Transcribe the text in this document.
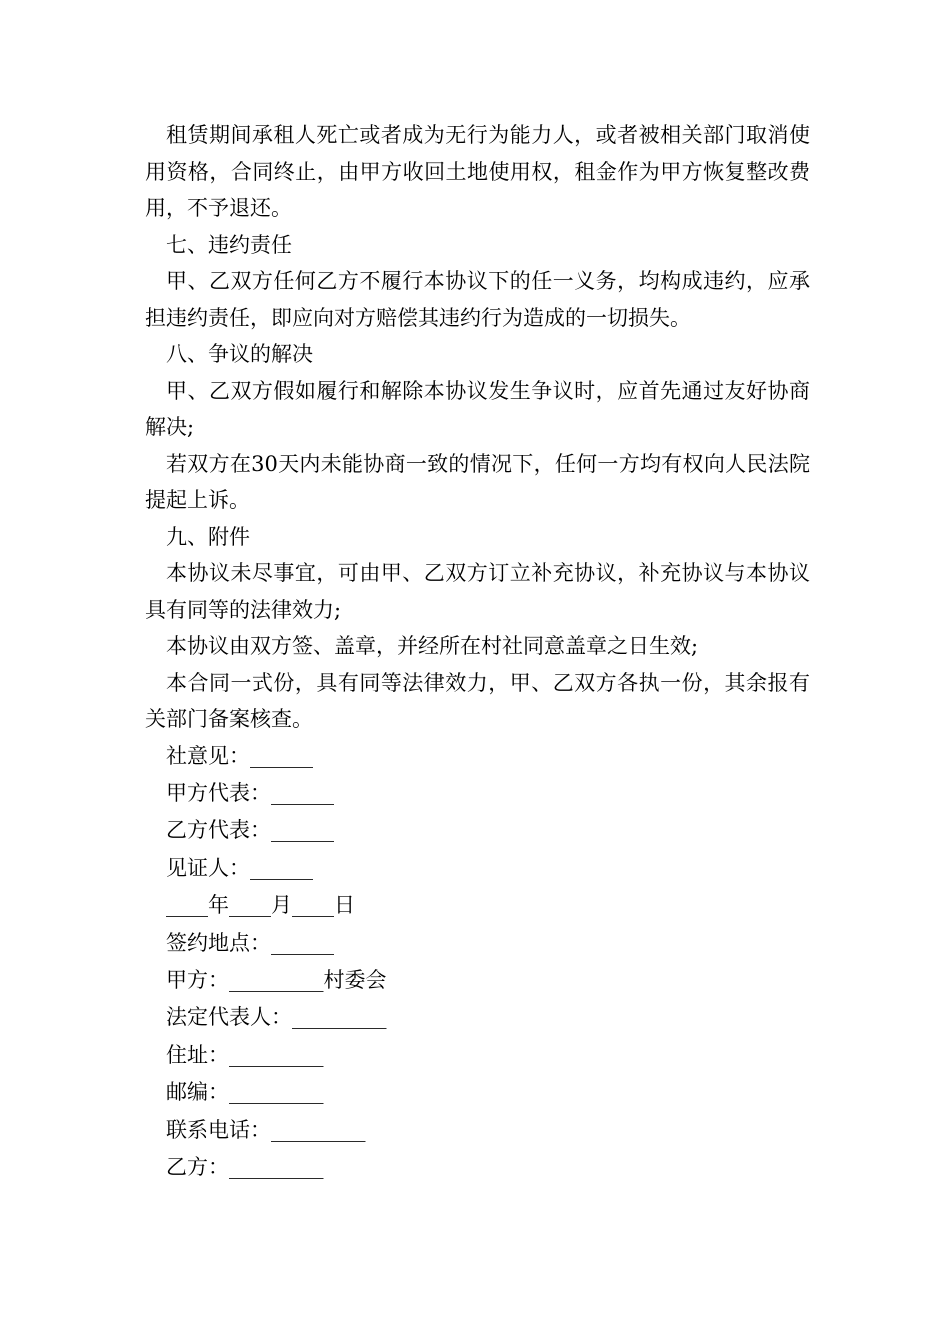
租赁期间承租人死亡或者成为无行为能力人，或者被相关部门取消使用资格，合同终止，由甲方收回土地使用权，租金作为甲方恢复整改费用，不予退还。

七、违约责任

甲、乙双方任何乙方不履行本协议下的任一义务，均构成违约，应承担违约责任，即应向对方赔偿其违约行为造成的一切损失。

八、争议的解决

甲、乙双方假如履行和解除本协议发生争议时，应首先通过友好协商解决;

若双方在30天内未能协商一致的情况下，任何一方均有权向人民法院提起上诉。

九、附件

本协议未尽事宜，可由甲、乙双方订立补充协议，补充协议与本协议具有同等的法律效力;

本协议由双方签、盖章，并经所在村社同意盖章之日生效;

本合同一式份，具有同等法律效力，甲、乙双方各执一份，其余报有关部门备案核查。

社意见：______

甲方代表：______

乙方代表：______

见证人：______

____年____月____日

签约地点：______

甲方：_________村委会

法定代表人：_________

住址：_________

邮编：_________

联系电话：_________

乙方：_________
